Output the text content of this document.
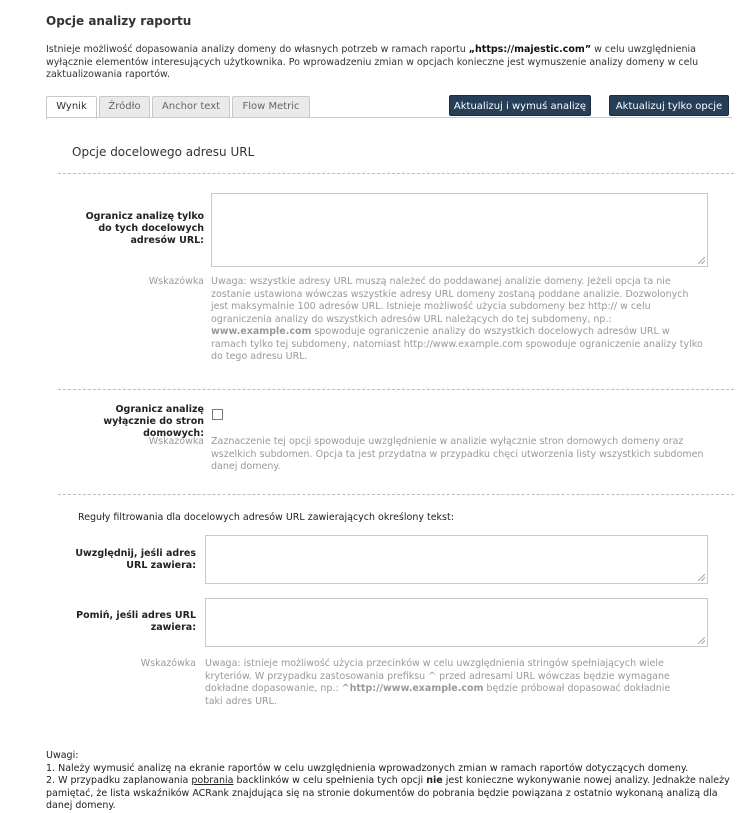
Opcje analizy raportu
Istnieje możliwość dopasowania analizy domeny do własnych potrzeb w ramach raportu „https://majestic.com” w celu uwzględnienia wyłącznie elementów interesujących użytkownika. Po wprowadzeniu zmian w opcjach konieczne jest wymuszenie analizy domeny w celu zaktualizowania raportów.
Wynik	Źródło	Anchor text	Flow Metric	Aktualizuj i wymuś analizę	Aktualizuj tylko opcje
Opcje docelowego adresu URL
Ogranicz analizę tylko do tych docelowych adresów URL:
Wskazówka Uwaga: wszystkie adresy URL muszą należeć do poddawanej analizie domeny. Jeżeli opcja ta nie zostanie ustawiona wówczas wszystkie adresy URL domeny zostaną poddane analizie. Dozwolonych jest maksymalnie 100 adresów URL. Istnieje możliwość użycia subdomeny bez http:// w celu ograniczenia analizy do wszystkich adresów URL należących do tej subdomeny, np.: www.example.com spowoduje ograniczenie analizy do wszystkich docelowych adresów URL w ramach tylko tej subdomeny, natomiast http://www.example.com spowoduje ograniczenie analizy tylko do tego adresu URL.
Ogranicz analizę wyłącznie do stron domowych:
Wskazówka Zaznaczenie tej opcji spowoduje uwzględnienie w analizie wyłącznie stron domowych domeny oraz wszelkich subdomen. Opcja ta jest przydatna w przypadku chęci utworzenia listy wszystkich subdomen danej domeny.
Reguły filtrowania dla docelowych adresów URL zawierających określony tekst:
Uwzględnij, jeśli adres URL zawiera:
Pomiń, jeśli adres URL zawiera:
Wskazówka Uwaga: istnieje możliwość użycia przecinków w celu uwzględnienia stringów spełniających wiele kryteriów. W przypadku zastosowania prefiksu ^ przed adresami URL wówczas będzie wymagane dokładne dopasowanie, np.: ^http://www.example.com będzie próbował dopasować dokładnie taki adres URL.
Uwagi:
1. Należy wymusić analizę na ekranie raportów w celu uwzględnienia wprowadzonych zmian w ramach raportów dotyczących domeny.
2. W przypadku zaplanowania pobrania backlinków w celu spełnienia tych opcji nie jest konieczne wykonywanie nowej analizy. Jednakże należy pamiętać, że lista wskaźników ACRank znajdująca się na stronie dokumentów do pobrania będzie powiązana z ostatnio wykonaną analizą dla danej domeny.
